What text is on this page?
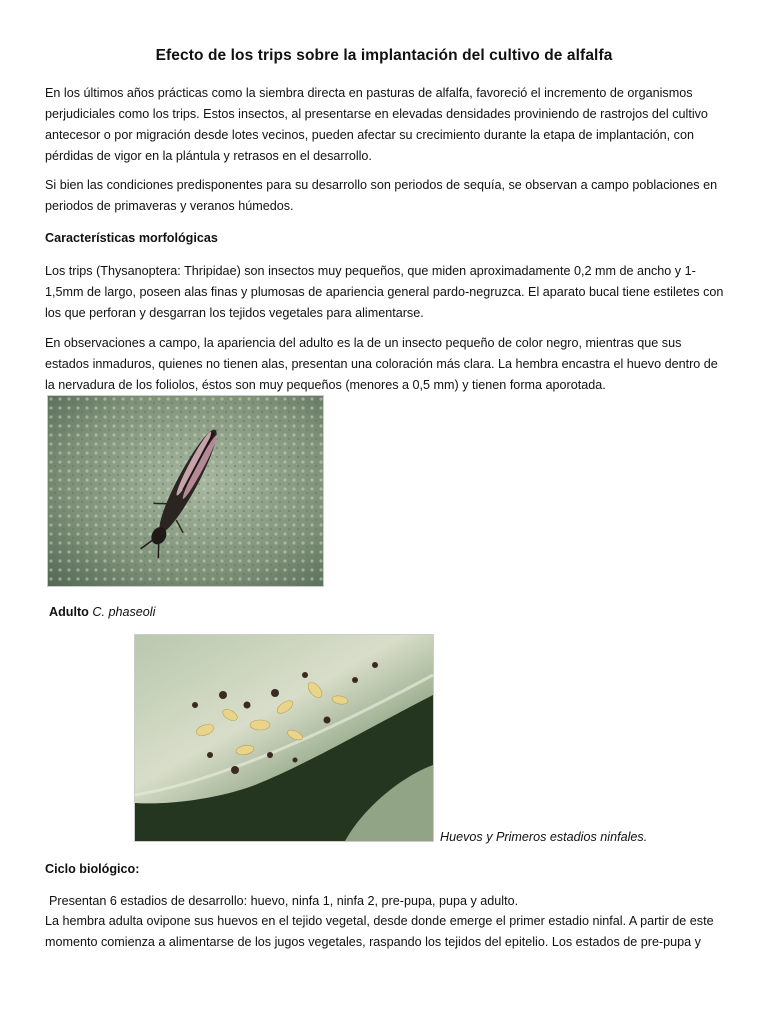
Efecto de los trips sobre la implantación del cultivo de alfalfa

En los últimos años prácticas como la siembra directa en pasturas de alfalfa, favoreció el incremento de organismos perjudiciales como los trips. Estos insectos, al presentarse en elevadas densidades proviniendo de rastrojos del cultivo antecesor o por migración desde lotes vecinos, pueden afectar su crecimiento durante la etapa de implantación, con pérdidas de vigor en la plántula y retrasos en el desarrollo.

Si bien las condiciones predisponentes para su desarrollo son periodos de sequía, se observan a campo poblaciones en periodos de primaveras y veranos húmedos.

Características morfológicas

Los trips (Thysanoptera: Thripidae) son insectos muy pequeños, que miden aproximadamente 0,2 mm de ancho y 1-1,5mm de largo, poseen alas finas y plumosas de apariencia general pardo-negruzca. El aparato bucal tiene estiletes con los que perforan y desgarran los tejidos vegetales para alimentarse.

En observaciones a campo, la apariencia del adulto es la de un insecto pequeño de color negro, mientras que sus estados inmaduros, quienes no tienen alas, presentan una coloración más clara. La hembra encastra el huevo dentro de la nervadura de los foliolos, éstos son muy pequeños (menores a 0,5 mm) y tienen forma aporotada.

Adulto C. phaseoli
Huevos y Primeros estadios ninfales.

Ciclo biológico:

Presentan 6 estadios de desarrollo: huevo, ninfa 1, ninfa 2, pre-pupa, pupa y adulto.

La hembra adulta ovipone sus huevos en el tejido vegetal, desde donde emerge el primer estadio ninfal. A partir de este momento comienza a alimentarse de los jugos vegetales, raspando los tejidos del epitelio. Los estados de pre-pupa y
